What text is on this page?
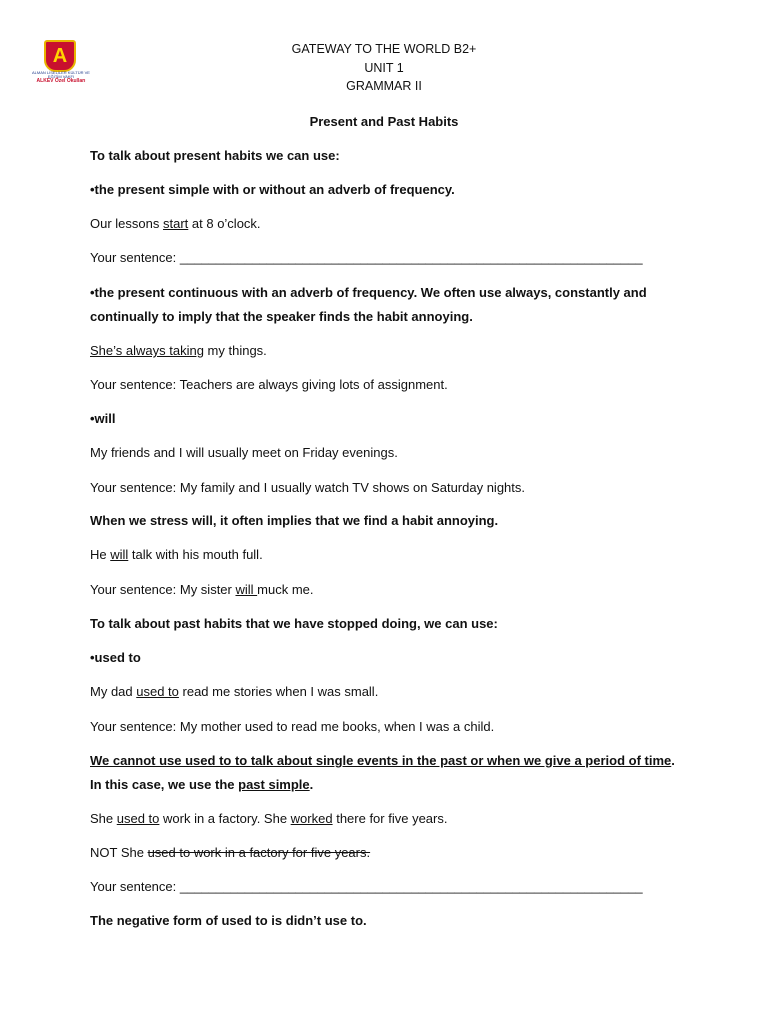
A
ALMAN LİSELİLER KÜLTÜR VE EĞİTİM VAKFI
ALKEV Özel Okulları
GATEWAY TO THE WORLD B2+
UNIT 1
GRAMMAR II
Present and Past Habits
To talk about present habits we can use:
•the present simple with or without an adverb of frequency.
Our lessons start at 8 o’clock.
Your sentence: ________________________________________________________________
•the present continuous with an adverb of frequency. We often use always, constantly and continually to imply that the speaker finds the habit annoying.
She’s always taking my things.
Your sentence: Teachers are always giving lots of assignment.
•will
My friends and I will usually meet on Friday evenings.
Your sentence: My family and I usually watch TV shows on Saturday nights.
When we stress will, it often implies that we find a habit annoying.
He will talk with his mouth full.
Your sentence: My sister will muck me.
To talk about past habits that we have stopped doing, we can use:
•used to
My dad used to read me stories when I was small.
Your sentence: My mother used to read me books, when I was a child.
We cannot use used to to talk about single events in the past or when we give a period of time. In this case, we use the past simple.
She used to work in a factory. She worked there for five years.
NOT She used to work in a factory for five years.
Your sentence: ________________________________________________________________
The negative form of used to is didn’t use to.
